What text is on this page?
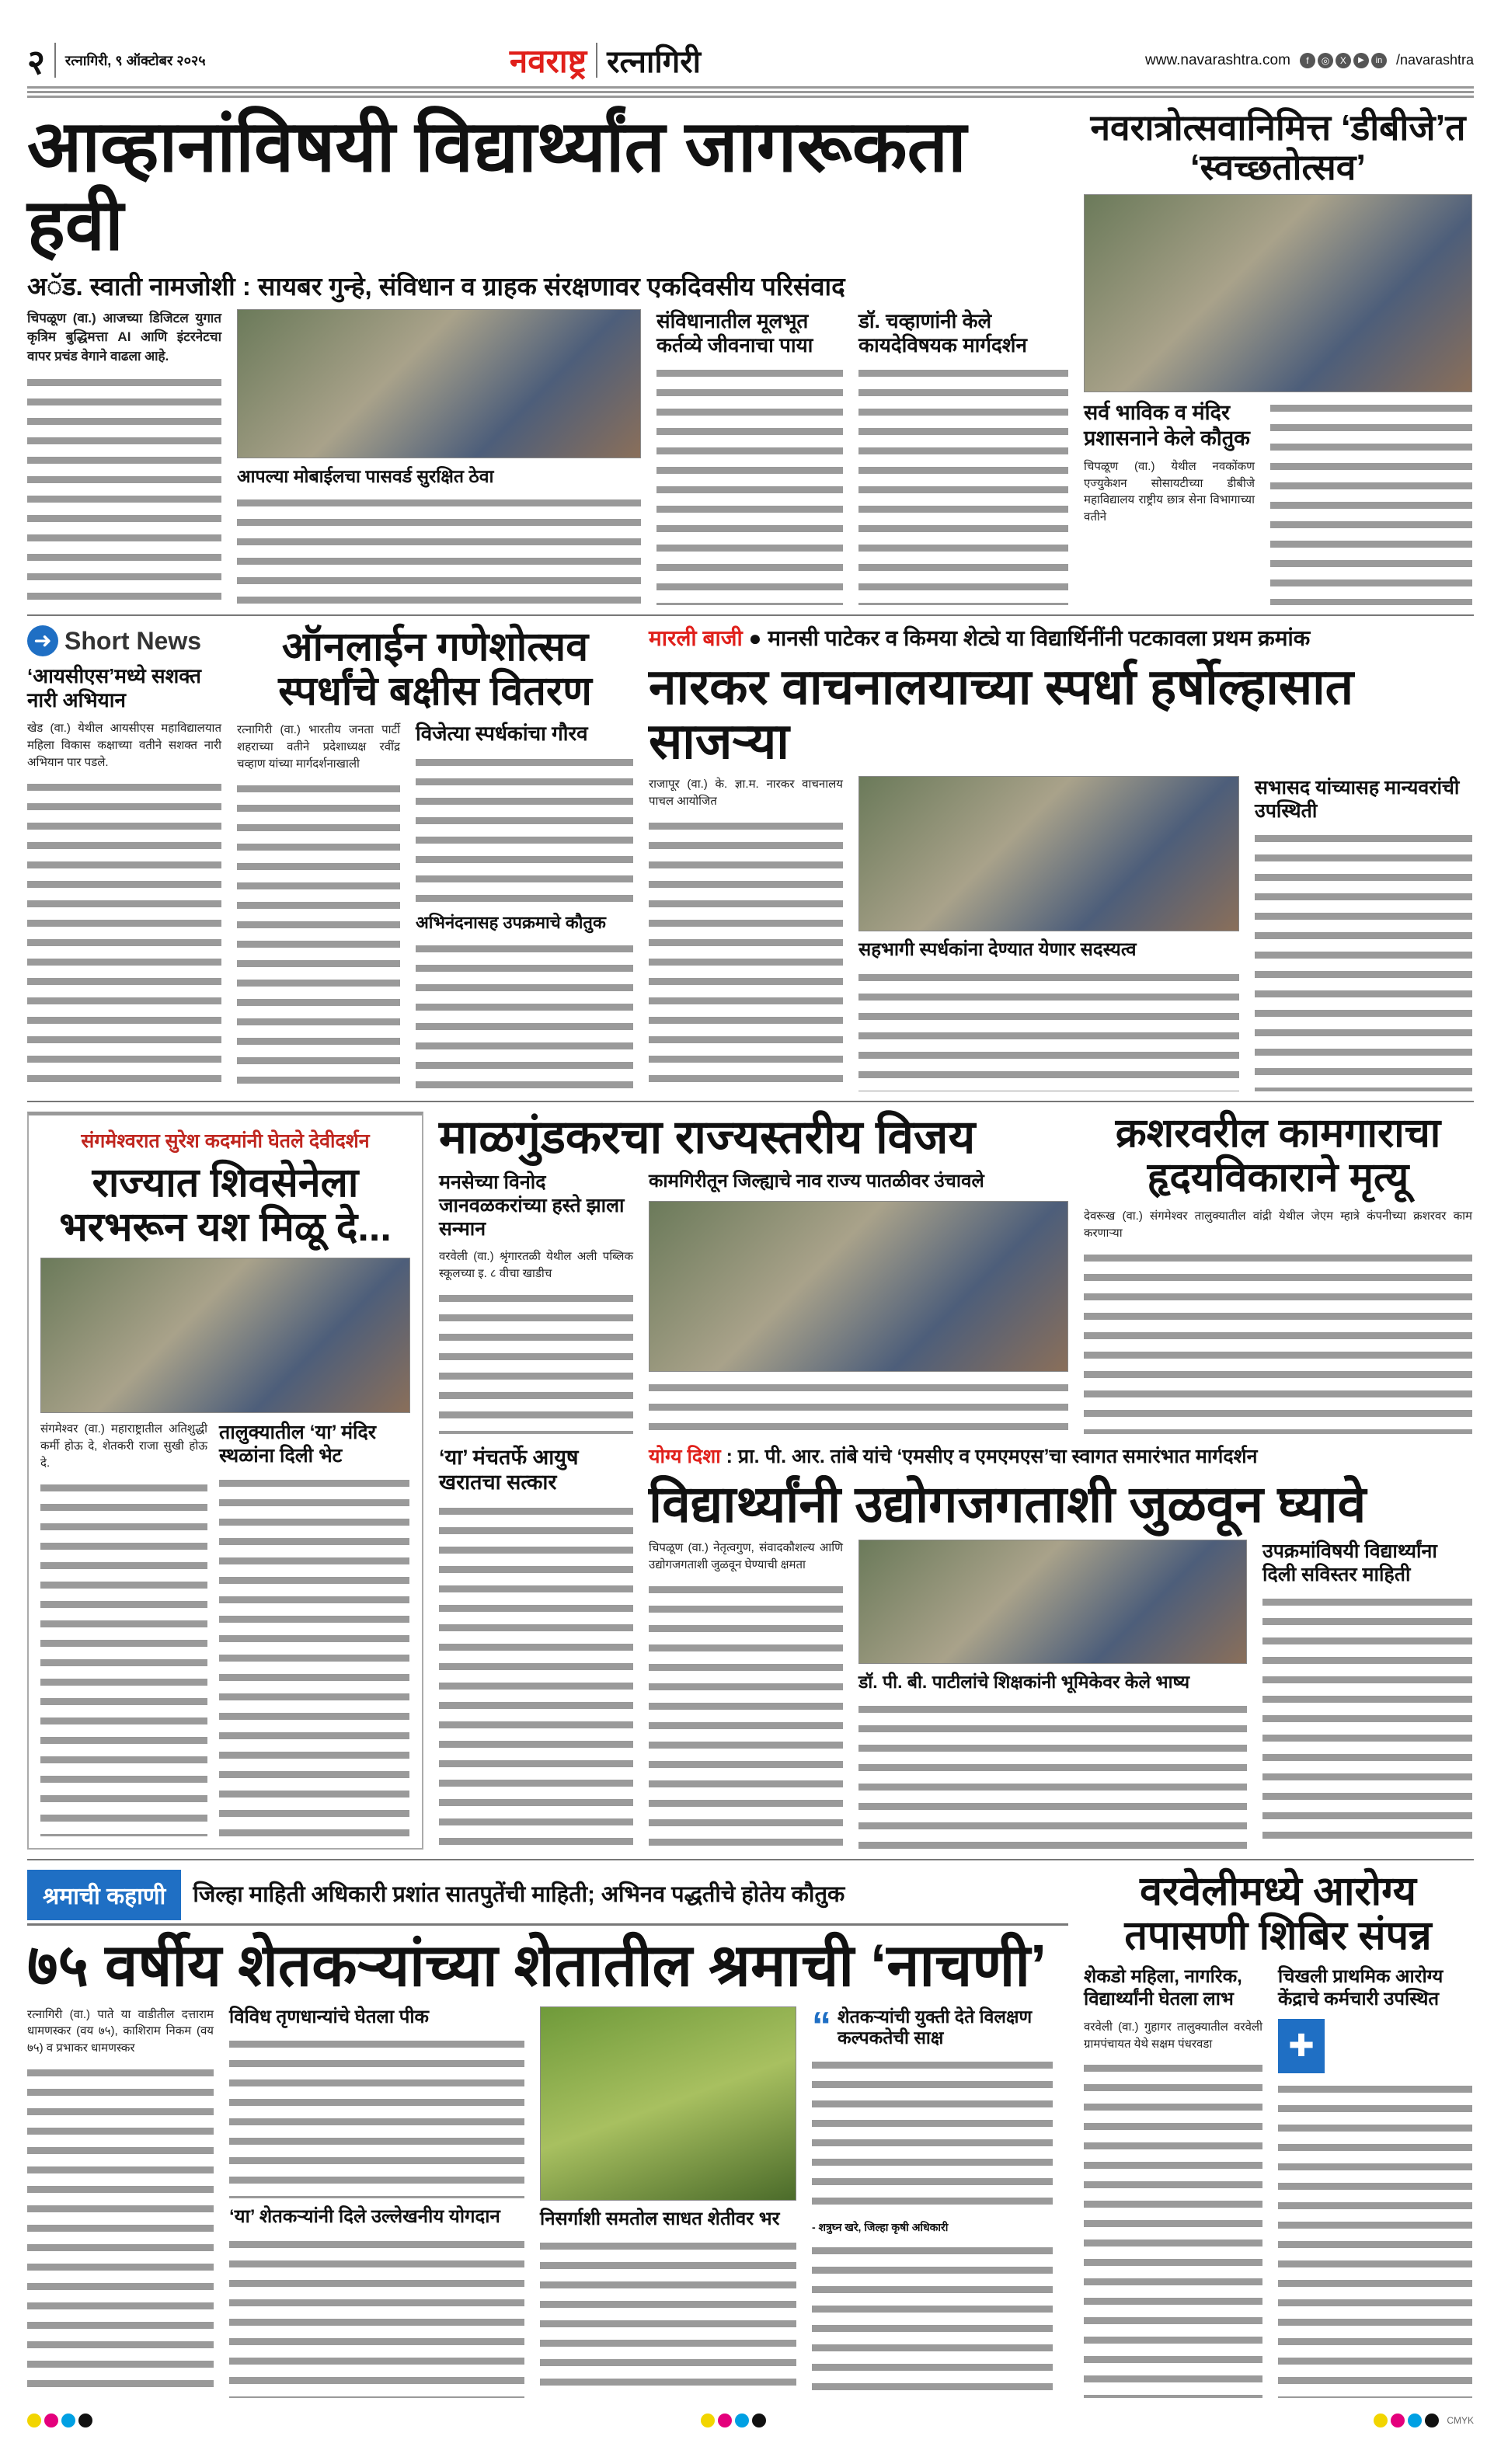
२ रत्नागिरी, ९ ऑक्टोबर २०२५	नवराष्ट्र रत्नागिरी	www.navarashtra.com	f	◎	X	▶	in /navarashtra
आव्हानांविषयी विद्यार्थ्यांत जागरूकता हवी
अॅड. स्वाती नामजोशी : सायबर गुन्हे, संविधान व ग्राहक संरक्षणावर एकदिवसीय परिसंवाद
चिपळूण (वा.) आजच्या डिजिटल युगात कृत्रिम बुद्धिमत्ता AI आणि इंटरनेटचा वापर प्रचंड वेगाने वाढला आहे.
आपल्या मोबाईलचा पासवर्ड सुरक्षित ठेवा
संविधानातील मूलभूत कर्तव्ये जीवनाचा पाया
डॉ. चव्हाणांनी केले कायदेविषयक मार्गदर्शन
नवरात्रोत्सवानिमित्त ‘डीबीजे’त ‘स्वच्छतोत्सव’
सर्व भाविक व मंदिर प्रशासनाने केले कौतुक
चिपळूण (वा.) येथील नवकोंकण एज्युकेशन सोसायटीच्या डीबीजे महाविद्यालय राष्ट्रीय छात्र सेना विभागाच्या वतीने
➜ Short News
‘आयसीएस’मध्ये सशक्त नारी अभियान
खेड (वा.) येथील आयसीएस महाविद्यालयात महिला विकास कक्षाच्या वतीने सशक्त नारी अभियान पार पडले.
ऑनलाईन गणेशोत्सव स्पर्धांचे बक्षीस वितरण
रत्नागिरी (वा.) भारतीय जनता पार्टी शहराच्या वतीने प्रदेशाध्यक्ष रवींद्र चव्हाण यांच्या मार्गदर्शनाखाली
विजेत्या स्पर्धकांचा गौरव
अभिनंदनासह उपक्रमाचे कौतुक
मारली बाजी ● मानसी पाटेकर व किमया शेट्ये या विद्यार्थिनींनी पटकावला प्रथम क्रमांक
नारकर वाचनालयाच्या स्पर्धा हर्षोल्हासात साजऱ्या
राजापूर (वा.) के. ज्ञा.म. नारकर वाचनालय पाचल आयोजित
सहभागी स्पर्धकांना देण्यात येणार सदस्यत्व
सभासद यांच्यासह मान्यवरांची उपस्थिती
संगमेश्वरात सुरेश कदमांनी घेतले देवीदर्शन
राज्यात शिवसेनेला भरभरून यश मिळू दे...
संगमेश्वर (वा.) महाराष्ट्रातील अतिशुद्धी कर्मी होऊ दे, शेतकरी राजा सुखी होऊ दे.
तालुक्यातील ‘या’ मंदिर स्थळांना दिली भेट
माळगुंडकरचा राज्यस्तरीय विजय
मनसेच्या विनोद जानवळकरांच्या हस्ते झाला सन्मान
वरवेली (वा.) श्रृंगारतळी येथील अली पब्लिक स्कूलच्या इ. ८ वीचा खाडीच
कामगिरीतून जिल्ह्याचे नाव राज्य पातळीवर उंचावले
क्रशरवरील कामगाराचा हृदयविकाराने मृत्यू
देवरूख (वा.) संगमेश्वर तालुक्यातील वांद्री येथील जेएम म्हात्रे कंपनीच्या क्रशरवर काम करणाऱ्या
‘या’ मंचतर्फे आयुष खरातचा सत्कार
योग्य दिशा : प्रा. पी. आर. तांबे यांचे ‘एमसीए व एमएमएस’चा स्वागत समारंभात मार्गदर्शन
विद्यार्थ्यांनी उद्योगजगताशी जुळवून घ्यावे
चिपळूण (वा.) नेतृत्वगुण, संवादकौशल्य आणि उद्योगजगताशी जुळवून घेण्याची क्षमता
डॉ. पी. बी. पाटीलांचे शिक्षकांनी भूमिकेवर केले भाष्य
उपक्रमांविषयी विद्यार्थ्यांना दिली सविस्तर माहिती
श्रमाची कहाणी	जिल्हा माहिती अधिकारी प्रशांत सातपुतेंची माहिती; अभिनव पद्धतीचे होतेय कौतुक
७५ वर्षीय शेतकऱ्यांच्या शेतातील श्रमाची ‘नाचणी’
रत्नागिरी (वा.) पाते या वाडीतील दत्ताराम धामणस्कर (वय ७५), काशिराम निकम (वय ७५) व प्रभाकर धामणस्कर
विविध तृणधान्यांचे घेतला पीक
‘या’ शेतकऱ्यांनी दिले उल्लेखनीय योगदान	निसर्गाशी समतोल साधत शेतीवर भर
“ शेतकऱ्यांची युक्ती देते विलक्षण कल्पकतेची साक्ष
- शत्रुघ्न खरे, जिल्हा कृषी अधिकारी
वरवेलीमध्ये आरोग्य तपासणी शिबिर संपन्न
शेकडो महिला, नागरिक, विद्यार्थ्यांनी घेतला लाभ
वरवेली (वा.) गुहागर तालुक्यातील वरवेली ग्रामपंचायत येथे सक्षम पंधरवडा
चिखली प्राथमिक आरोग्य केंद्राचे कर्मचारी उपस्थित
✚
CMYK
